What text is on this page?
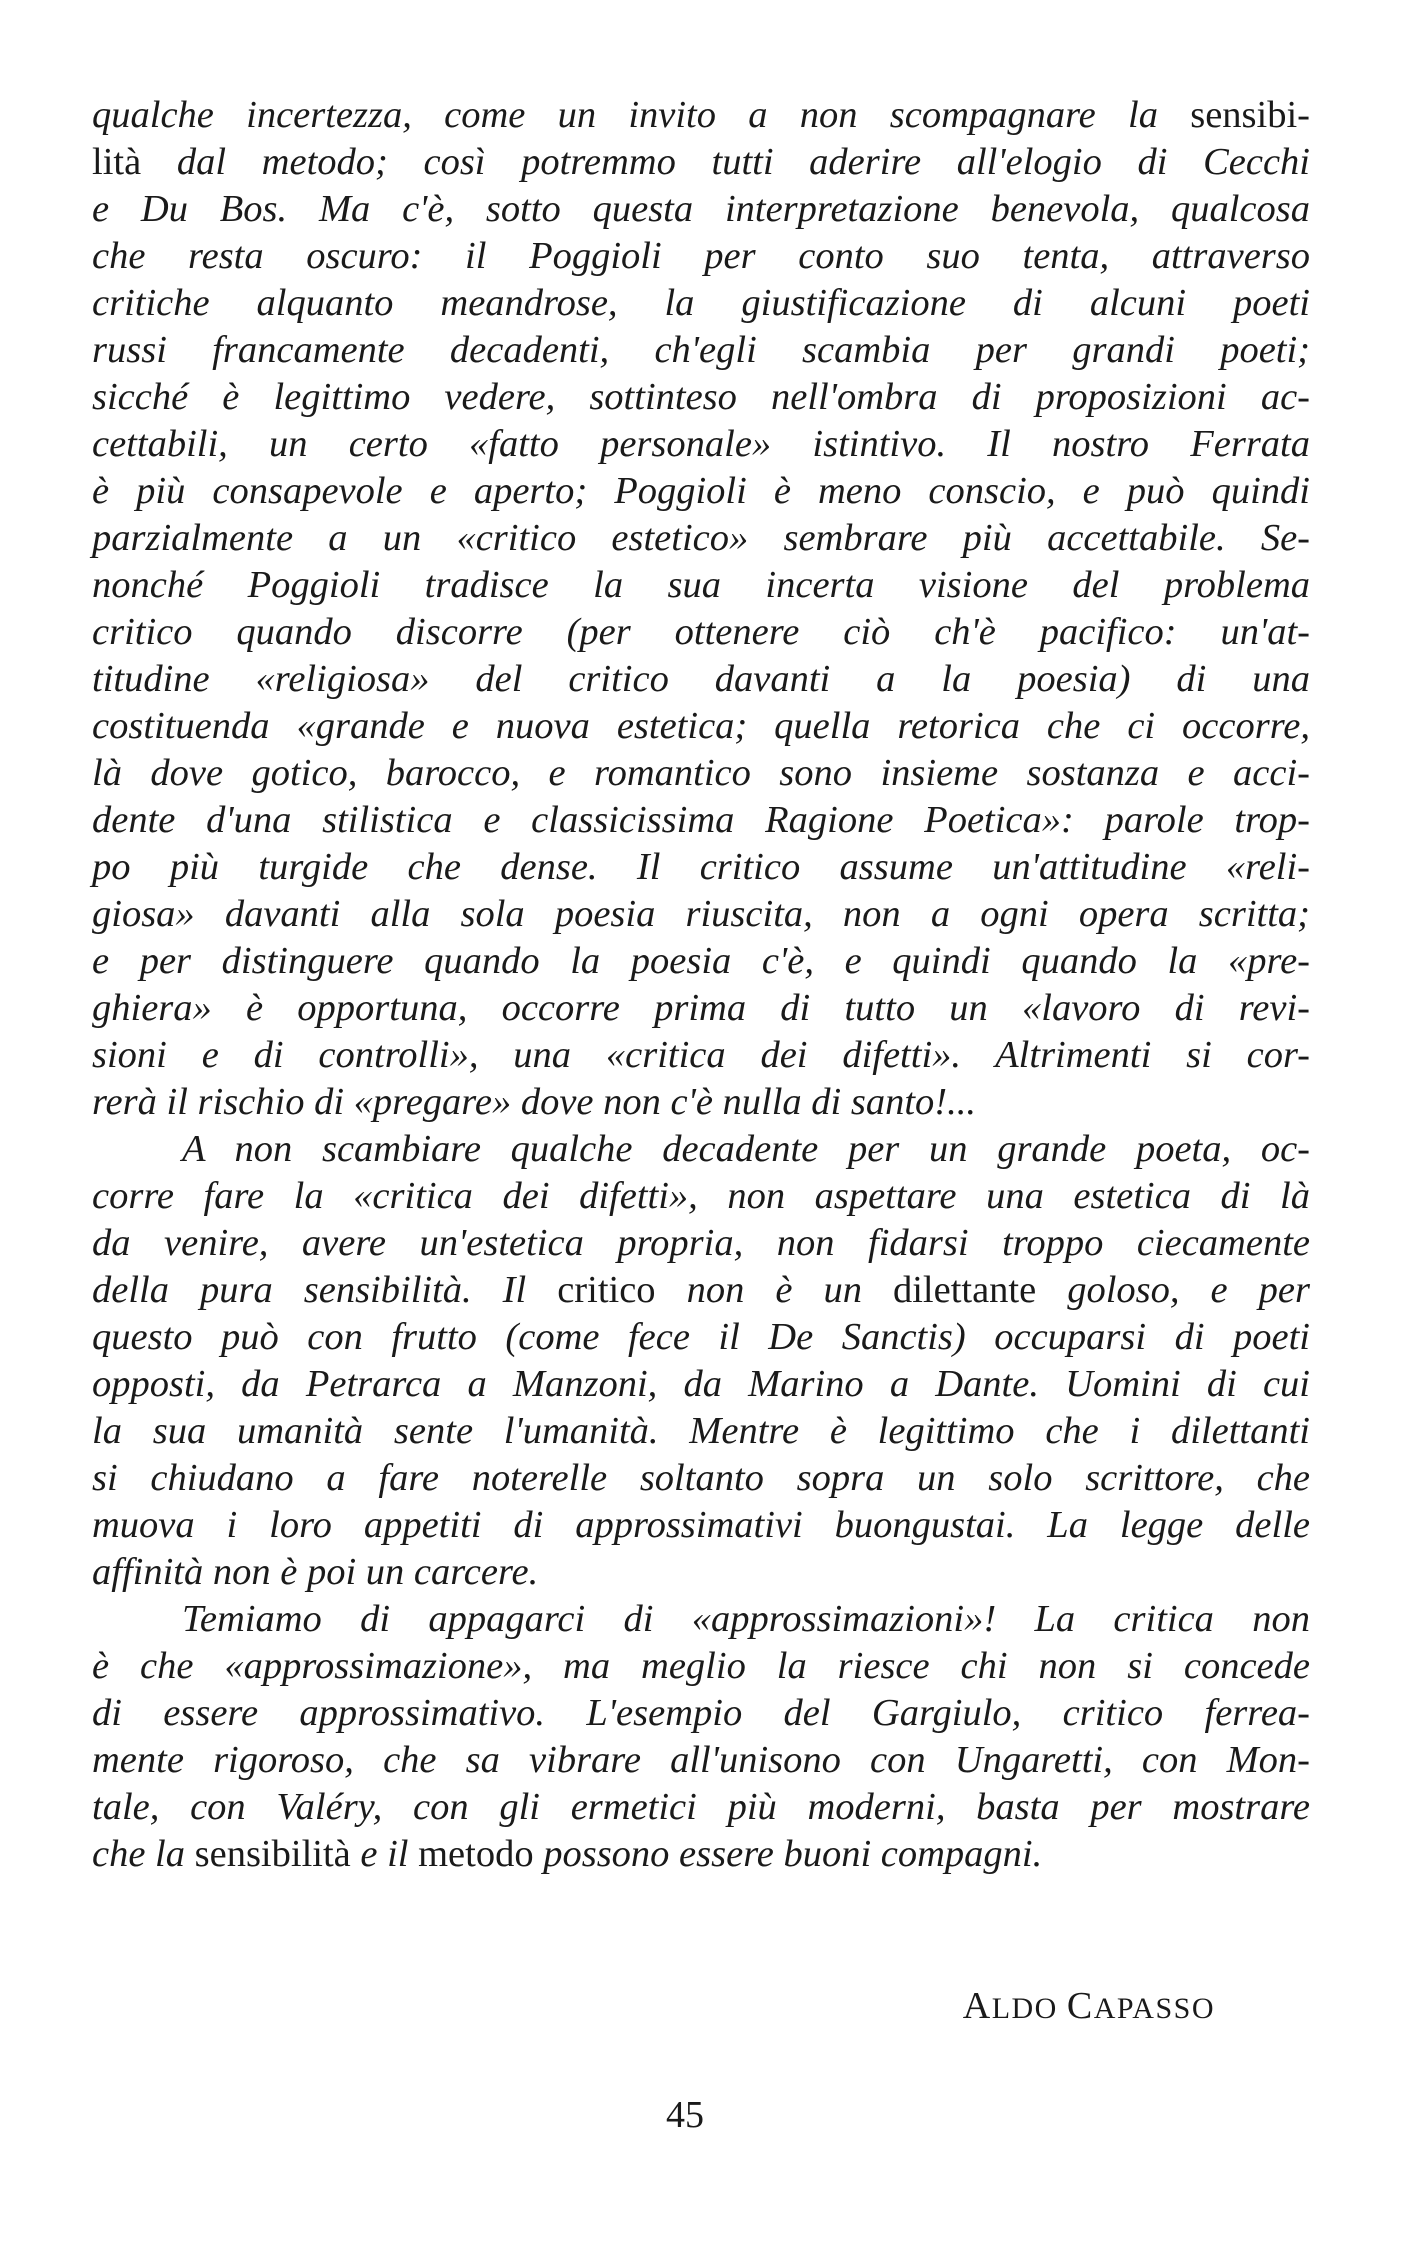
qualche incertezza, come un invito a non scompagnare la sensibi-
lità dal metodo; così potremmo tutti aderire all'elogio di Cecchi
e Du Bos. Ma c'è, sotto questa interpretazione benevola, qualcosa
che resta oscuro: il Poggioli per conto suo tenta, attraverso
critiche alquanto meandrose, la giustificazione di alcuni poeti
russi francamente decadenti, ch'egli scambia per grandi poeti;
sicché è legittimo vedere, sottinteso nell'ombra di proposizioni ac-
cettabili, un certo «fatto personale» istintivo. Il nostro Ferrata
è più consapevole e aperto; Poggioli è meno conscio, e può quindi
parzialmente a un «critico estetico» sembrare più accettabile. Se-
nonché Poggioli tradisce la sua incerta visione del problema
critico quando discorre (per ottenere ciò ch'è pacifico: un'at-
titudine «religiosa» del critico davanti a la poesia) di una
costituenda «grande e nuova estetica; quella retorica che ci occorre,
là dove gotico, barocco, e romantico sono insieme sostanza e acci-
dente d'una stilistica e classicissima Ragione Poetica»: parole trop-
po più turgide che dense. Il critico assume un'attitudine «reli-
giosa» davanti alla sola poesia riuscita, non a ogni opera scritta;
e per distinguere quando la poesia c'è, e quindi quando la «pre-
ghiera» è opportuna, occorre prima di tutto un «lavoro di revi-
sioni e di controlli», una «critica dei difetti». Altrimenti si cor-
rerà il rischio di «pregare» dove non c'è nulla di santo!...
A non scambiare qualche decadente per un grande poeta, oc-
corre fare la «critica dei difetti», non aspettare una estetica di là
da venire, avere un'estetica propria, non fidarsi troppo ciecamente
della pura sensibilità. Il critico non è un dilettante goloso, e per
questo può con frutto (come fece il De Sanctis) occuparsi di poeti
opposti, da Petrarca a Manzoni, da Marino a Dante. Uomini di cui
la sua umanità sente l'umanità. Mentre è legittimo che i dilettanti
si chiudano a fare noterelle soltanto sopra un solo scrittore, che
muova i loro appetiti di approssimativi buongustai. La legge delle
affinità non è poi un carcere.
Temiamo di appagarci di «approssimazioni»! La critica non
è che «approssimazione», ma meglio la riesce chi non si concede
di essere approssimativo. L'esempio del Gargiulo, critico ferrea-
mente rigoroso, che sa vibrare all'unisono con Ungaretti, con Mon-
tale, con Valéry, con gli ermetici più moderni, basta per mostrare
che la sensibilità e il metodo possono essere buoni compagni.
ALDO CAPASSO
45
